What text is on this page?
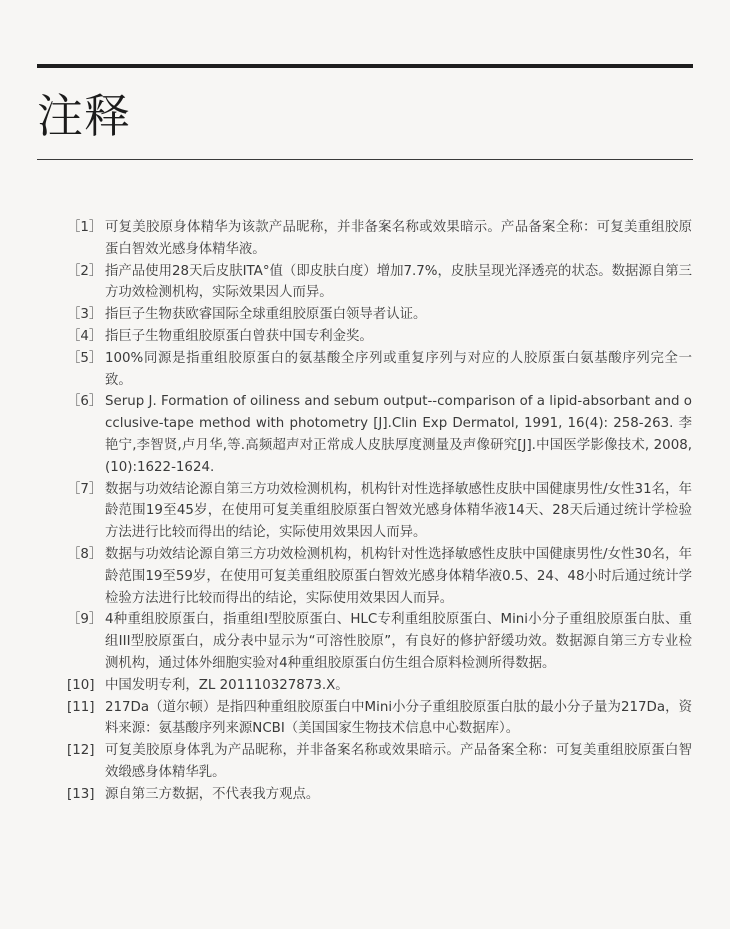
注释
［1］ 可复美胶原身体精华为该款产品昵称，并非备案名称或效果暗示。产品备案全称：可复美重组胶原蛋白智效光感身体精华液。
［2］ 指产品使用28天后皮肤ITA°值（即皮肤白度）增加7.7%，皮肤呈现光泽透亮的状态。数据源自第三方功效检测机构，实际效果因人而异。
［3］ 指巨子生物获欧睿国际全球重组胶原蛋白领导者认证。
［4］ 指巨子生物重组胶原蛋白曾获中国专利金奖。
［5］ 100%同源是指重组胶原蛋白的氨基酸全序列或重复序列与对应的人胶原蛋白氨基酸序列完全一致。
［6］ Serup J. Formation of oiliness and sebum output--comparison of a lipid-absorbant and occlusive-tape method with photometry [J].Clin Exp Dermatol, 1991, 16(4): 258-263. 李艳宁,李智贤,卢月华,等.高频超声对正常成人皮肤厚度测量及声像研究[J].中国医学影像技术, 2008,(10):1622-1624.
［7］ 数据与功效结论源自第三方功效检测机构，机构针对性选择敏感性皮肤中国健康男性/女性31名，年龄范围19至45岁，在使用可复美重组胶原蛋白智效光感身体精华液14天、28天后通过统计学检验方法进行比较而得出的结论，实际使用效果因人而异。
［8］ 数据与功效结论源自第三方功效检测机构，机构针对性选择敏感性皮肤中国健康男性/女性30名，年龄范围19至59岁，在使用可复美重组胶原蛋白智效光感身体精华液0.5、24、48小时后通过统计学检验方法进行比较而得出的结论，实际使用效果因人而异。
［9］ 4种重组胶原蛋白，指重组I型胶原蛋白、HLC专利重组胶原蛋白、Mini小分子重组胶原蛋白肽、重组III型胶原蛋白，成分表中显示为“可溶性胶原”，有良好的修护舒缓功效。数据源自第三方专业检测机构，通过体外细胞实验对4种重组胶原蛋白仿生组合原料检测所得数据。
[10] 中国发明专利，ZL 201110327873.X。
[11] 217Da（道尔顿）是指四种重组胶原蛋白中Mini小分子重组胶原蛋白肽的最小分子量为217Da，资料来源：氨基酸序列来源NCBI（美国国家生物技术信息中心数据库）。
[12] 可复美胶原身体乳为产品昵称，并非备案名称或效果暗示。产品备案全称：可复美重组胶原蛋白智效缎感身体精华乳。
[13] 源自第三方数据，不代表我方观点。
